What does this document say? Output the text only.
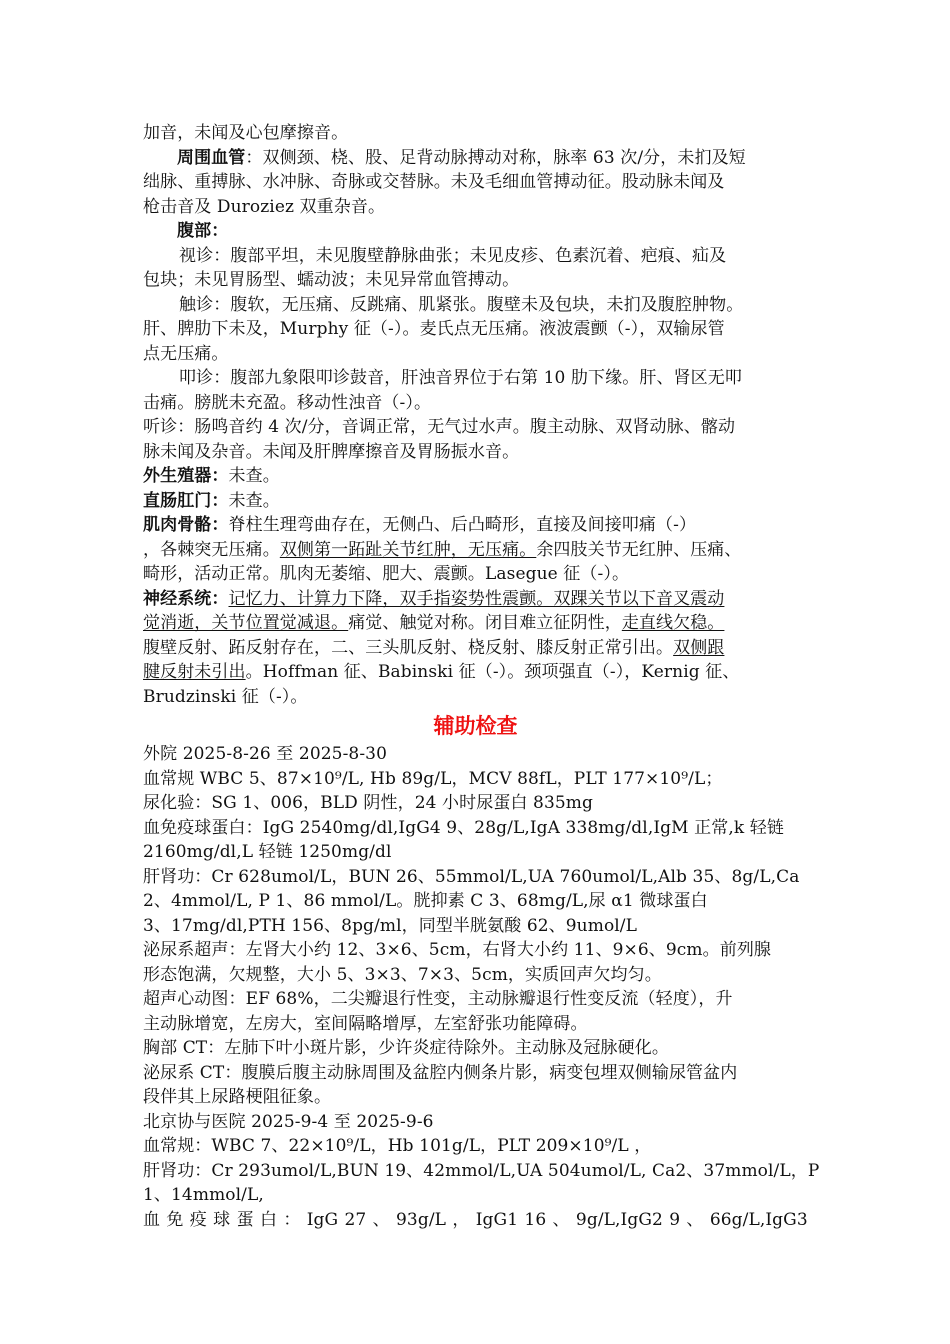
加音，未闻及心包摩擦音。
周围血管：双侧颈、桡、股、足背动脉搏动对称，脉率 63 次/分，未扪及短
绌脉、重搏脉、水冲脉、奇脉或交替脉。未及毛细血管搏动征。股动脉未闻及
枪击音及 Duroziez 双重杂音。
腹部：
视诊：腹部平坦，未见腹壁静脉曲张；未见皮疹、色素沉着、疤痕、疝及
包块；未见胃肠型、蠕动波；未见异常血管搏动。
触诊：腹软，无压痛、反跳痛、肌紧张。腹壁未及包块，未扪及腹腔肿物。
肝、脾肋下未及，Murphy 征（-）。麦氏点无压痛。液波震颤（-），双输尿管
点无压痛。
叩诊：腹部九象限叩诊鼓音，肝浊音界位于右第 10 肋下缘。肝、肾区无叩
击痛。膀胱未充盈。移动性浊音（-）。
听诊：肠鸣音约 4 次/分，音调正常，无气过水声。腹主动脉、双肾动脉、髂动
脉未闻及杂音。未闻及肝脾摩擦音及胃肠振水音。
外生殖器：未查。
直肠肛门：未查。
肌肉骨骼：脊柱生理弯曲存在，无侧凸、后凸畸形，直接及间接叩痛（-）
，各棘突无压痛。双侧第一跖趾关节红肿，无压痛。余四肢关节无红肿、压痛、
畸形，活动正常。肌肉无萎缩、肥大、震颤。Lasegue 征（-）。
神经系统：记忆力、计算力下降，双手指姿势性震颤。双踝关节以下音叉震动
觉消逝，关节位置觉减退。痛觉、触觉对称。闭目难立征阴性，走直线欠稳。
腹壁反射、跖反射存在，二、三头肌反射、桡反射、膝反射正常引出。双侧跟
腱反射未引出。Hoffman 征、Babinski 征（-）。颈项强直（-），Kernig 征、
Brudzinski 征（-）。
辅助检查
外院 2025-8-26 至 2025-8-30
血常规 WBC 5、87×10⁹/L, Hb 89g/L，MCV 88fL，PLT 177×10⁹/L；
尿化验：SG 1、006，BLD 阴性，24 小时尿蛋白 835mg
血免疫球蛋白：IgG 2540mg/dl,IgG4 9、28g/L,IgA 338mg/dl,IgM 正常,k 轻链
2160mg/dl,L 轻链 1250mg/dl
肝肾功：Cr 628umol/L，BUN 26、55mmol/L,UA 760umol/L,Alb 35、8g/L,Ca
2、4mmol/L, P 1、86 mmol/L。胱抑素 C 3、68mg/L,尿 α1 微球蛋白
3、17mg/dl,PTH 156、8pg/ml，同型半胱氨酸 62、9umol/L
泌尿系超声：左肾大小约 12、3×6、5cm，右肾大小约 11、9×6、9cm。前列腺
形态饱满，欠规整，大小 5、3×3、7×3、5cm，实质回声欠均匀。
超声心动图：EF 68%，二尖瓣退行性变，主动脉瓣退行性变反流（轻度），升
主动脉增宽，左房大，室间隔略增厚，左室舒张功能障碍。
胸部 CT：左肺下叶小斑片影，少许炎症待除外。主动脉及冠脉硬化。
泌尿系 CT：腹膜后腹主动脉周围及盆腔内侧条片影，病变包埋双侧输尿管盆内
段伴其上尿路梗阻征象。
北京协与医院 2025-9-4 至 2025-9-6
血常规：WBC 7、22×10⁹/L，Hb 101g/L，PLT 209×10⁹/L ，
肝肾功：Cr 293umol/L,BUN 19、42mmol/L,UA 504umol/L, Ca2、37mmol/L，P
1、14mmol/L,
血 免 疫 球 蛋 白 ： IgG 27 、 93g/L ， IgG1 16 、 9g/L,IgG2 9 、 66g/L,IgG3
